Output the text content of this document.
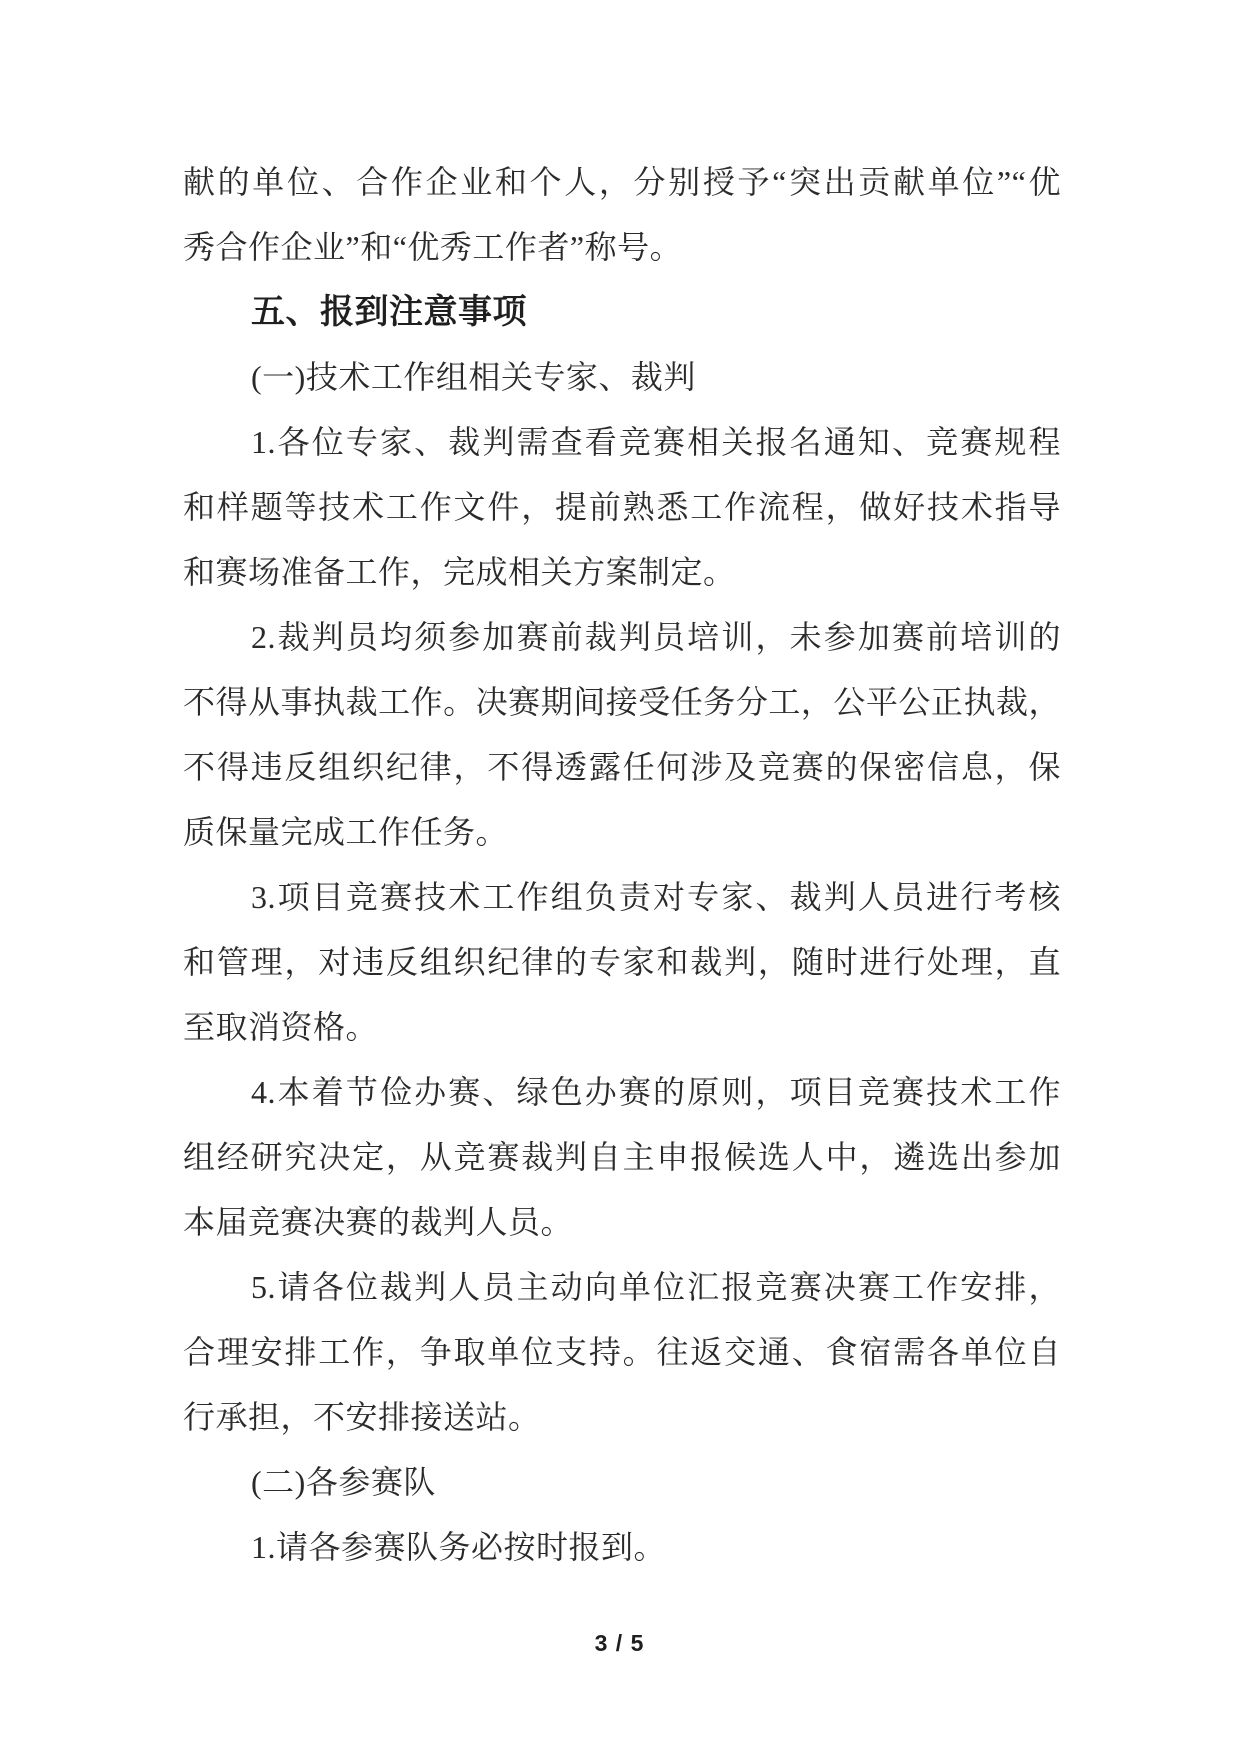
献的单位、合作企业和个人，分别授予“突出贡献单位”“优
秀合作企业”和“优秀工作者”称号。
五、报到注意事项
(一)技术工作组相关专家、裁判
1.各位专家、裁判需查看竞赛相关报名通知、竞赛规程
和样题等技术工作文件，提前熟悉工作流程，做好技术指导
和赛场准备工作，完成相关方案制定。
2.裁判员均须参加赛前裁判员培训，未参加赛前培训的
不得从事执裁工作。决赛期间接受任务分工，公平公正执裁，
不得违反组织纪律，不得透露任何涉及竞赛的保密信息，保
质保量完成工作任务。
3.项目竞赛技术工作组负责对专家、裁判人员进行考核
和管理，对违反组织纪律的专家和裁判，随时进行处理，直
至取消资格。
4.本着节俭办赛、绿色办赛的原则，项目竞赛技术工作
组经研究决定，从竞赛裁判自主申报候选人中，遴选出参加
本届竞赛决赛的裁判人员。
5.请各位裁判人员主动向单位汇报竞赛决赛工作安排，
合理安排工作，争取单位支持。往返交通、食宿需各单位自
行承担，不安排接送站。
(二)各参赛队
1.请各参赛队务必按时报到。
3 / 5
